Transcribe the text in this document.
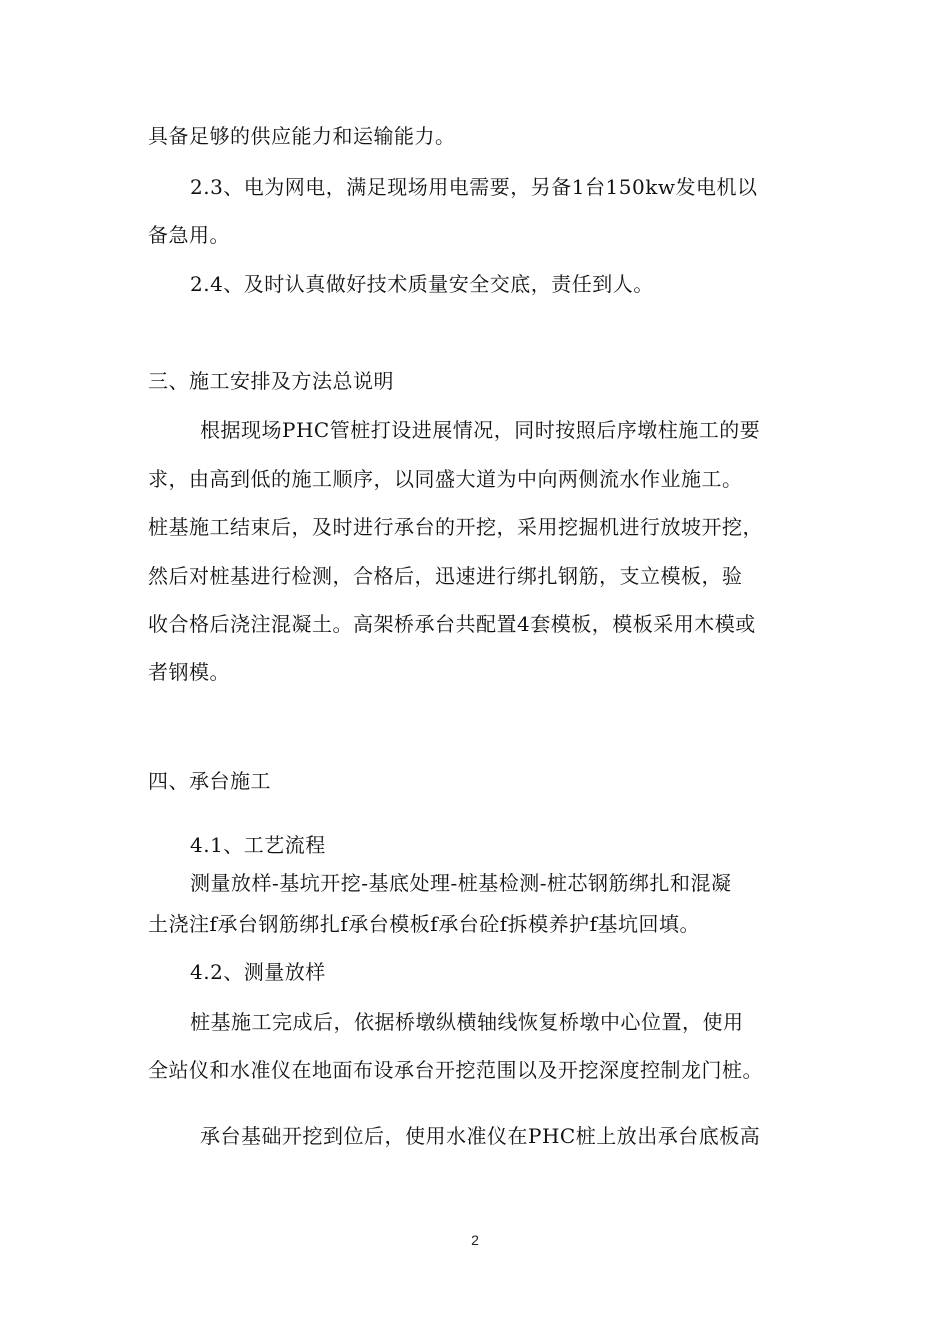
具备足够的供应能力和运输能力。
2.3、电为网电，满足现场用电需要，另备1台150kw发电机以
备急用。
2.4、及时认真做好技术质量安全交底，责任到人。
三、施工安排及方法总说明
根据现场PHC管桩打设进展情况，同时按照后序墩柱施工的要
求，由高到低的施工顺序，以同盛大道为中向两侧流水作业施工。
桩基施工结束后，及时进行承台的开挖，采用挖掘机进行放坡开挖，
然后对桩基进行检测，合格后，迅速进行绑扎钢筋，支立模板，验
收合格后浇注混凝土。高架桥承台共配置4套模板，模板采用木模或
者钢模。
四、承台施工
4.1、工艺流程
测量放样-基坑开挖-基底处理-桩基检测-桩芯钢筋绑扎和混凝
土浇注f承台钢筋绑扎f承台模板f承台砼f拆模养护f基坑回填。
4.2、测量放样
桩基施工完成后，依据桥墩纵横轴线恢复桥墩中心位置，使用
全站仪和水准仪在地面布设承台开挖范围以及开挖深度控制龙门桩。
承台基础开挖到位后，使用水准仪在PHC桩上放出承台底板高
2
